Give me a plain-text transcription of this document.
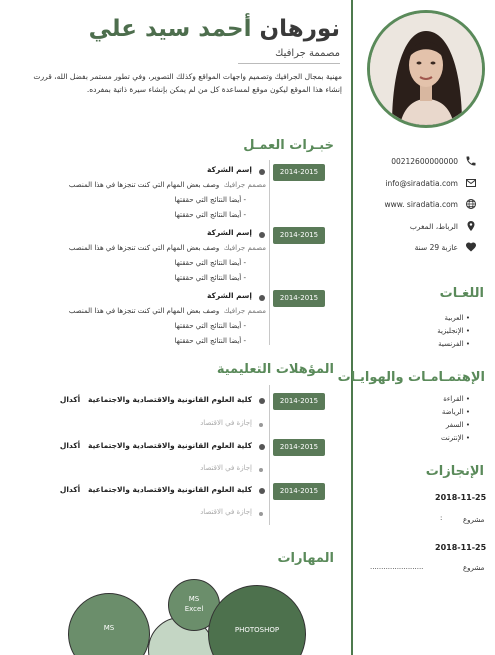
نورهان أحمد سيد علي
مصممة جرافيك
مهنية بمجال الجرافيك وتصميم واجهات المواقع وكذلك التصوير، وفي تطور مستمر بفضل الله، قررت إنشاء هذا الموقع ليكون موقع لمساعدة كل من لم يمكن بإنشاء سيرة ذاتية بمفرده.
خبـرات العمـل
2014-2015
إسم الشركة
مصمم جرافيك  وصف بعض المهام التي كنت تنجزها في هذا المنصب
- أيضا النتائج التي حققتها
- أيضا النتائج التي حققتها
2014-2015
إسم الشركة
مصمم جرافيك  وصف بعض المهام التي كنت تنجزها في هذا المنصب
- أيضا النتائج التي حققتها
- أيضا النتائج التي حققتها
2014-2015
إسم الشركة
مصمم جرافيك  وصف بعض المهام التي كنت تنجزها في هذا المنصب
- أيضا النتائج التي حققتها
- أيضا النتائج التي حققتها
المؤهلات التعليمية
2014-2015
كلية العلوم القانونية والاقتصادية والاجتماعية   أكدال
إجازة في الاقتصاد
2014-2015
كلية العلوم القانونية والاقتصادية والاجتماعية   أكدال
إجازة في الاقتصاد
2014-2015
كلية العلوم القانونية والاقتصادية والاجتماعية   أكدال
إجازة في الاقتصاد
المهارات
MS
MS Excel
PHOTOSHOP
00212600000000
info@siradatia.com
www. siradatia.com
الرباط، المغرب
عازبة 29 سنة
اللغـات
• العربية
• الإنجليزية
• الفرنسية
الإهتمـامـات والهوايـات
• القراءة
• الرياضة
• السفر
• الإنترنت
الإنجازات
2018-11-25
مشروع
:
2018-11-25
مشروع
........................
